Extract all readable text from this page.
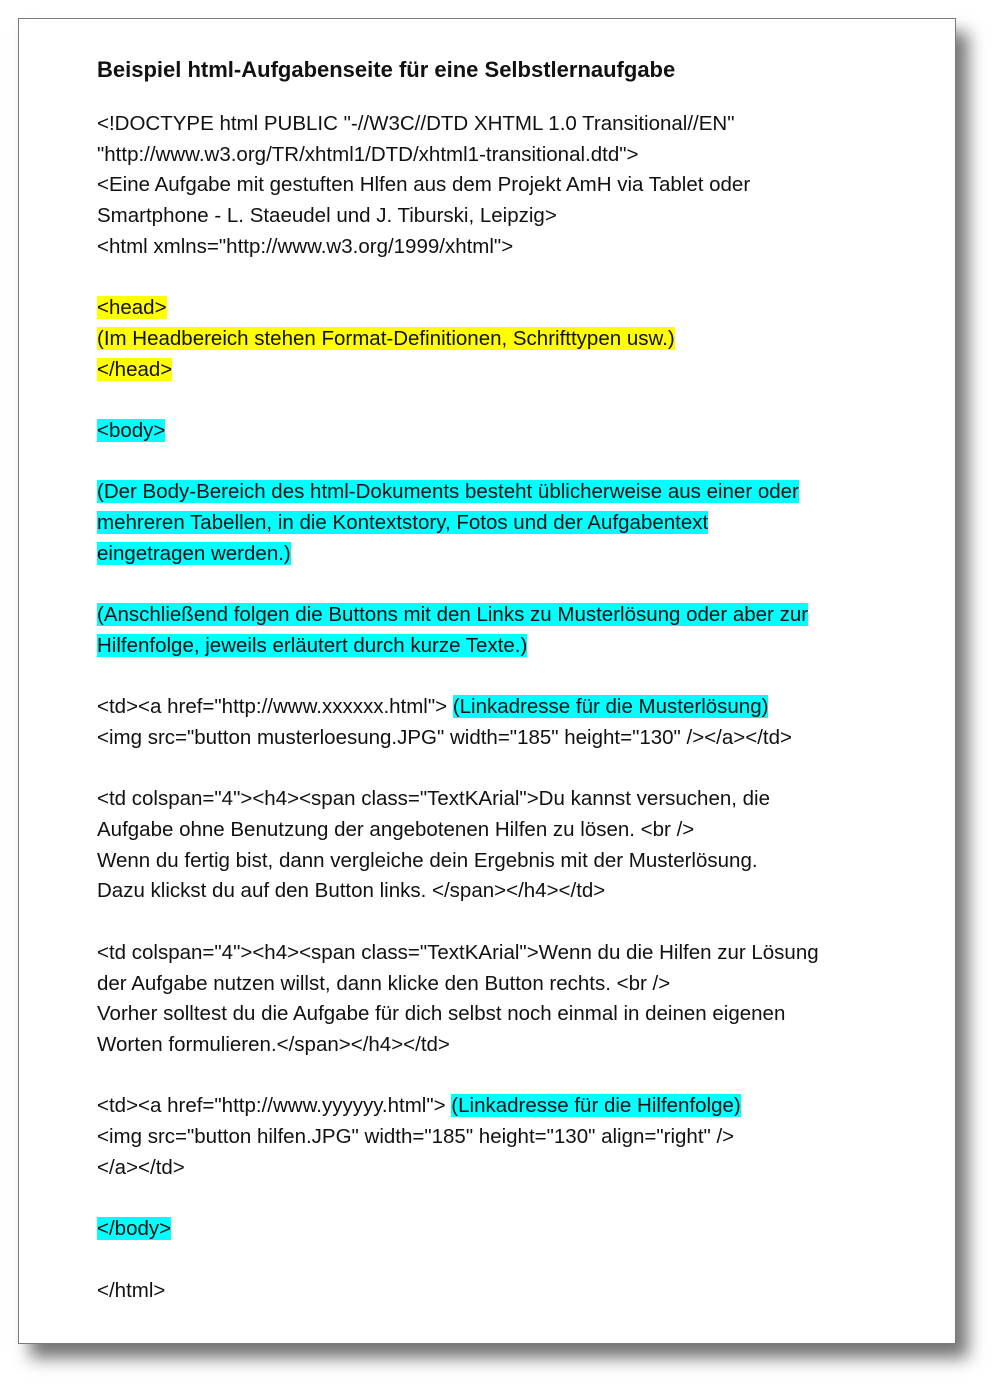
Beispiel html-Aufgabenseite für eine Selbstlernaufgabe
<!DOCTYPE html PUBLIC "-//W3C//DTD XHTML 1.0 Transitional//EN"
"http://www.w3.org/TR/xhtml1/DTD/xhtml1-transitional.dtd">
<Eine Aufgabe mit gestuften Hlfen aus dem Projekt AmH via Tablet oder
Smartphone - L. Staeudel und J. Tiburski, Leipzig>
<html xmlns="http://www.w3.org/1999/xhtml">
<head>
(Im Headbereich stehen Format-Definitionen, Schrifttypen usw.)
</head>
<body>
(Der Body-Bereich des html-Dokuments besteht üblicherweise aus einer oder
mehreren Tabellen, in die Kontextstory, Fotos und der Aufgabentext
eingetragen werden.)
(Anschließend folgen die Buttons mit den Links zu Musterlösung oder aber zur
Hilfenfolge, jeweils erläutert durch kurze Texte.)
<td><a href="http://www.xxxxxx.html"> (Linkadresse für die Musterlösung)
<img src="button musterloesung.JPG" width="185" height="130" /></a></td>
<td colspan="4"><h4><span class="TextKArial">Du kannst versuchen, die
Aufgabe ohne Benutzung der angebotenen Hilfen zu lösen. <br />
Wenn du fertig bist, dann vergleiche dein Ergebnis mit der Musterlösung.
Dazu klickst du auf den Button links. </span></h4></td>
<td colspan="4"><h4><span class="TextKArial">Wenn du die Hilfen zur Lösung
der Aufgabe nutzen willst, dann klicke den Button rechts. <br />
Vorher solltest du die Aufgabe für dich selbst noch einmal in deinen eigenen
Worten formulieren.</span></h4></td>
<td><a href="http://www.yyyyyy.html"> (Linkadresse für die Hilfenfolge)
<img src="button hilfen.JPG" width="185" height="130" align="right" />
</a></td>
</body>
</html>
